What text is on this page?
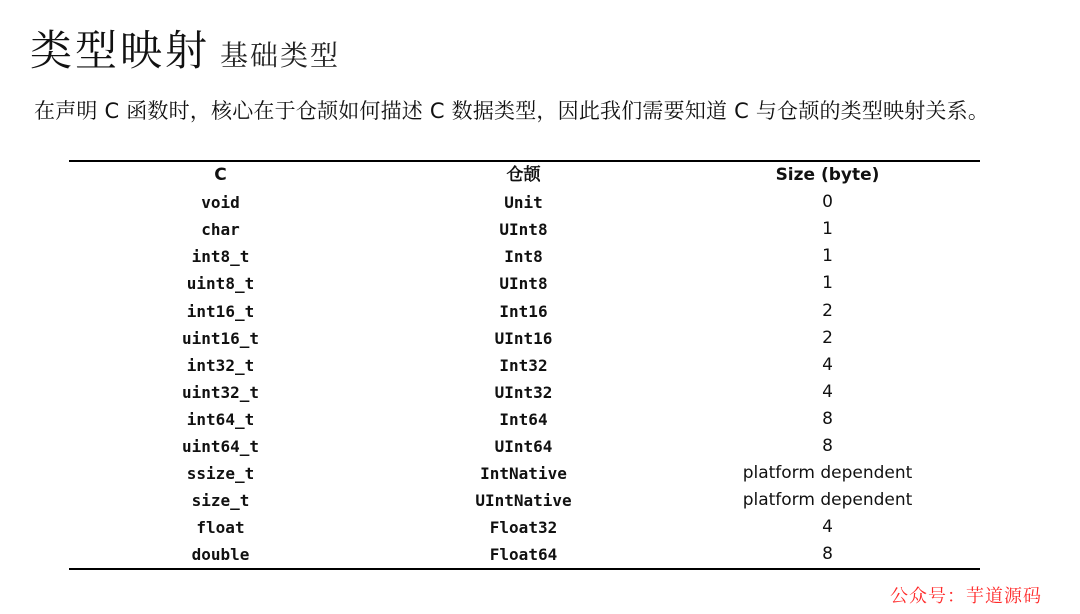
类型映射 基础类型
在声明 C 函数时，核心在于仓颉如何描述 C 数据类型，因此我们需要知道 C 与仓颉的类型映射关系。
C	仓颉	Size (byte)
void	Unit	0
char	UInt8	1
int8_t	Int8	1
uint8_t	UInt8	1
int16_t	Int16	2
uint16_t	UInt16	2
int32_t	Int32	4
uint32_t	UInt32	4
int64_t	Int64	8
uint64_t	UInt64	8
ssize_t	IntNative	platform dependent
size_t	UIntNative	platform dependent
float	Float32	4
double	Float64	8
公众号：芋道源码
